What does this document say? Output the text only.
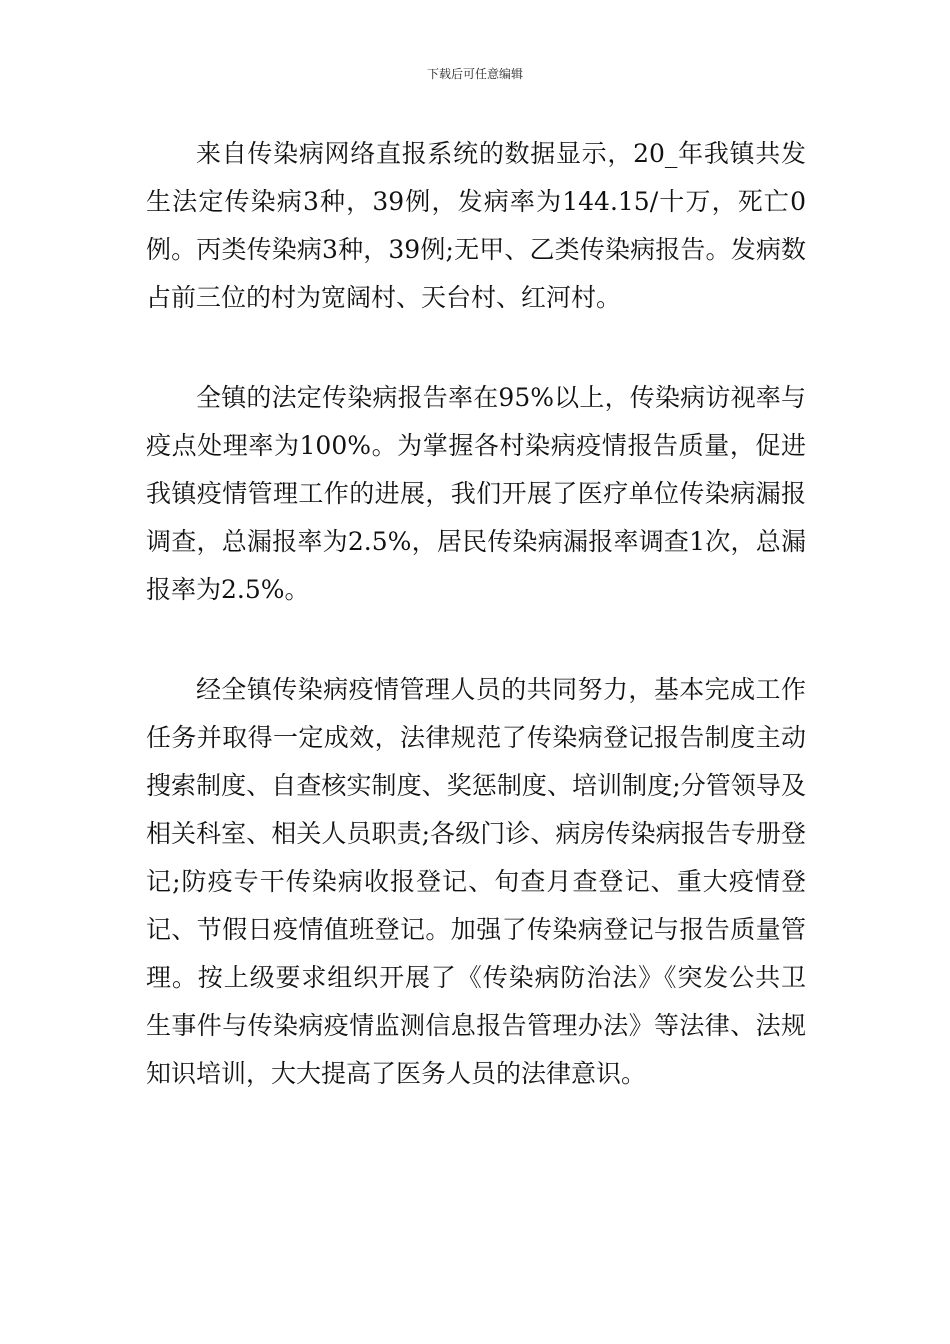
下载后可任意编辑

来自传染病网络直报系统的数据显示，20_年我镇共发生法定传染病3种，39例，发病率为144.15/十万，死亡0例。丙类传染病3种，39例;无甲、乙类传染病报告。发病数占前三位的村为宽阔村、天台村、红河村。

全镇的法定传染病报告率在95%以上，传染病访视率与疫点处理率为100%。为掌握各村染病疫情报告质量，促进我镇疫情管理工作的进展，我们开展了医疗单位传染病漏报调查，总漏报率为2.5%，居民传染病漏报率调查1次，总漏报率为2.5%。

经全镇传染病疫情管理人员的共同努力，基本完成工作任务并取得一定成效，法律规范了传染病登记报告制度主动搜索制度、自查核实制度、奖惩制度、培训制度;分管领导及相关科室、相关人员职责;各级门诊、病房传染病报告专册登记;防疫专干传染病收报登记、旬查月查登记、重大疫情登记、节假日疫情值班登记。加强了传染病登记与报告质量管理。按上级要求组织开展了《传染病防治法》《突发公共卫生事件与传染病疫情监测信息报告管理办法》等法律、法规知识培训，大大提高了医务人员的法律意识。
